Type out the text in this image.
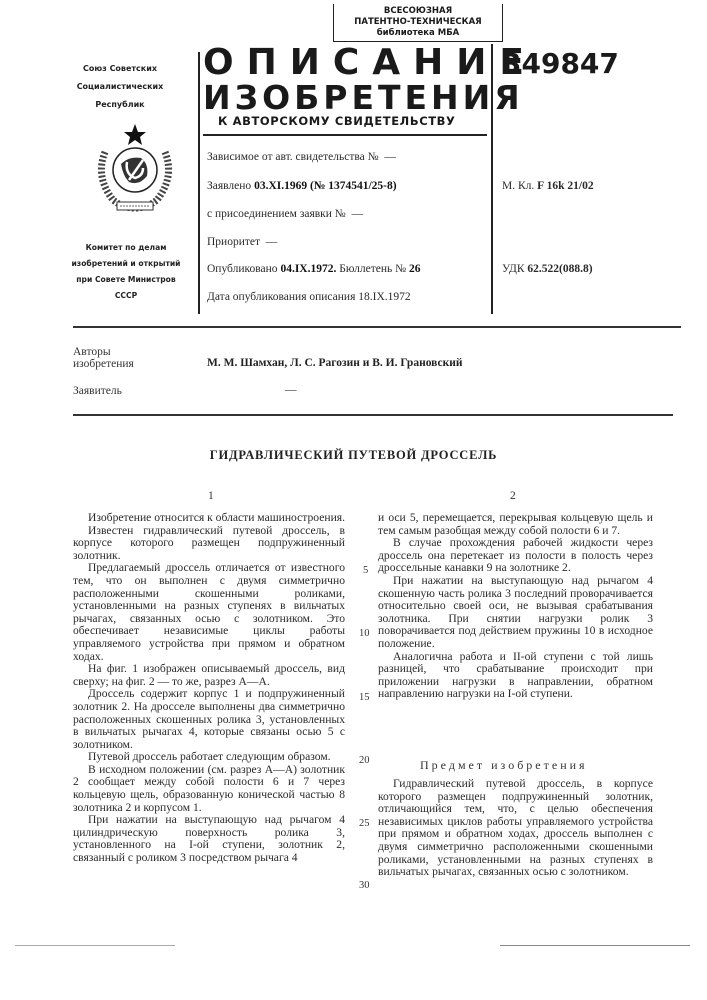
ВСЕСОЮЗНАЯ
ПАТЕНТНО-ТЕХНИЧЕСКАЯ
библиотека МБА
Союз Советских
Социалистических
Республик
Комитет по делам
изобретений и открытий
при Совете Министров
СССР
ОПИСАНИЕ
ИЗОБРЕТЕНИЯ
К АВТОРСКОМУ СВИДЕТЕЛЬСТВУ
349847
Зависимое от авт. свидетельства № —
Заявлено 03.XI.1969 (№ 1374541/25-8)
с присоединением заявки № —
Приоритет —
Опубликовано 04.IX.1972. Бюллетень № 26
Дата опубликования описания 18.IX.1972
М. Кл. F 16k 21/02
УДК 62.522(088.8)
Авторы
изобретения	М. М. Шамхан, Л. С. Рагозин и В. И. Грановский
Заявитель	—
ГИДРАВЛИЧЕСКИЙ ПУТЕВОЙ ДРОССЕЛЬ
1	2

Изобретение относится к области машиностроения.

Известен гидравлический путевой дроссель, в корпусе которого размещен подпружиненный золотник.

Предлагаемый дроссель отличается от известного тем, что он выполнен с двумя симметрично расположенными скошенными роликами, установленными на разных ступенях в вильчатых рычагах, связанных осью с золотником. Это обеспечивает независимые циклы работы управляемого устройства при прямом и обратном ходах.

На фиг. 1 изображен описываемый дроссель, вид сверху; на фиг. 2 — то же, разрез А—А.

Дроссель содержит корпус 1 и подпружиненный золотник 2. На дросселе выполнены два симметрично расположенных скошенных ролика 3, установленных в вильчатых рычагах 4, которые связаны осью 5 с золотником.

Путевой дроссель работает следующим образом.

В исходном положении (см. разрез А—А) золотник 2 сообщает между собой полости 6 и 7 через кольцевую щель, образованную конической частью 8 золотника 2 и корпусом 1.

При нажатии на выступающую над рычагом 4 цилиндрическую поверхность ролика 3, установленного на I-ой ступени, золотник 2, связанный с роликом 3 посредством рычага 4

5
10
15
20
25
30

и оси 5, перемещается, перекрывая кольцевую щель и тем самым разобщая между собой полости 6 и 7.

В случае прохождения рабочей жидкости через дроссель она перетекает из полости в полость через дроссельные канавки 9 на золотнике 2.

При нажатии на выступающую над рычагом 4 скошенную часть ролика 3 последний проворачивается относительно своей оси, не вызывая срабатывания золотника. При снятии нагрузки ролик 3 поворачивается под действием пружины 10 в исходное положение.

Аналогична работа и II-ой ступени с той лишь разницей, что срабатывание происходит при приложении нагрузки в направлении, обратном направлению нагрузки на I-ой ступени.

Предмет изобретения

Гидравлический путевой дроссель, в корпусе которого размещен подпружиненный золотник, отличающийся тем, что, с целью обеспечения независимых циклов работы управляемого устройства при прямом и обратном ходах, дроссель выполнен с двумя симметрично расположенными скошенными роликами, установленными на разных ступенях в вильчатых рычагах, связанных осью с золотником.
